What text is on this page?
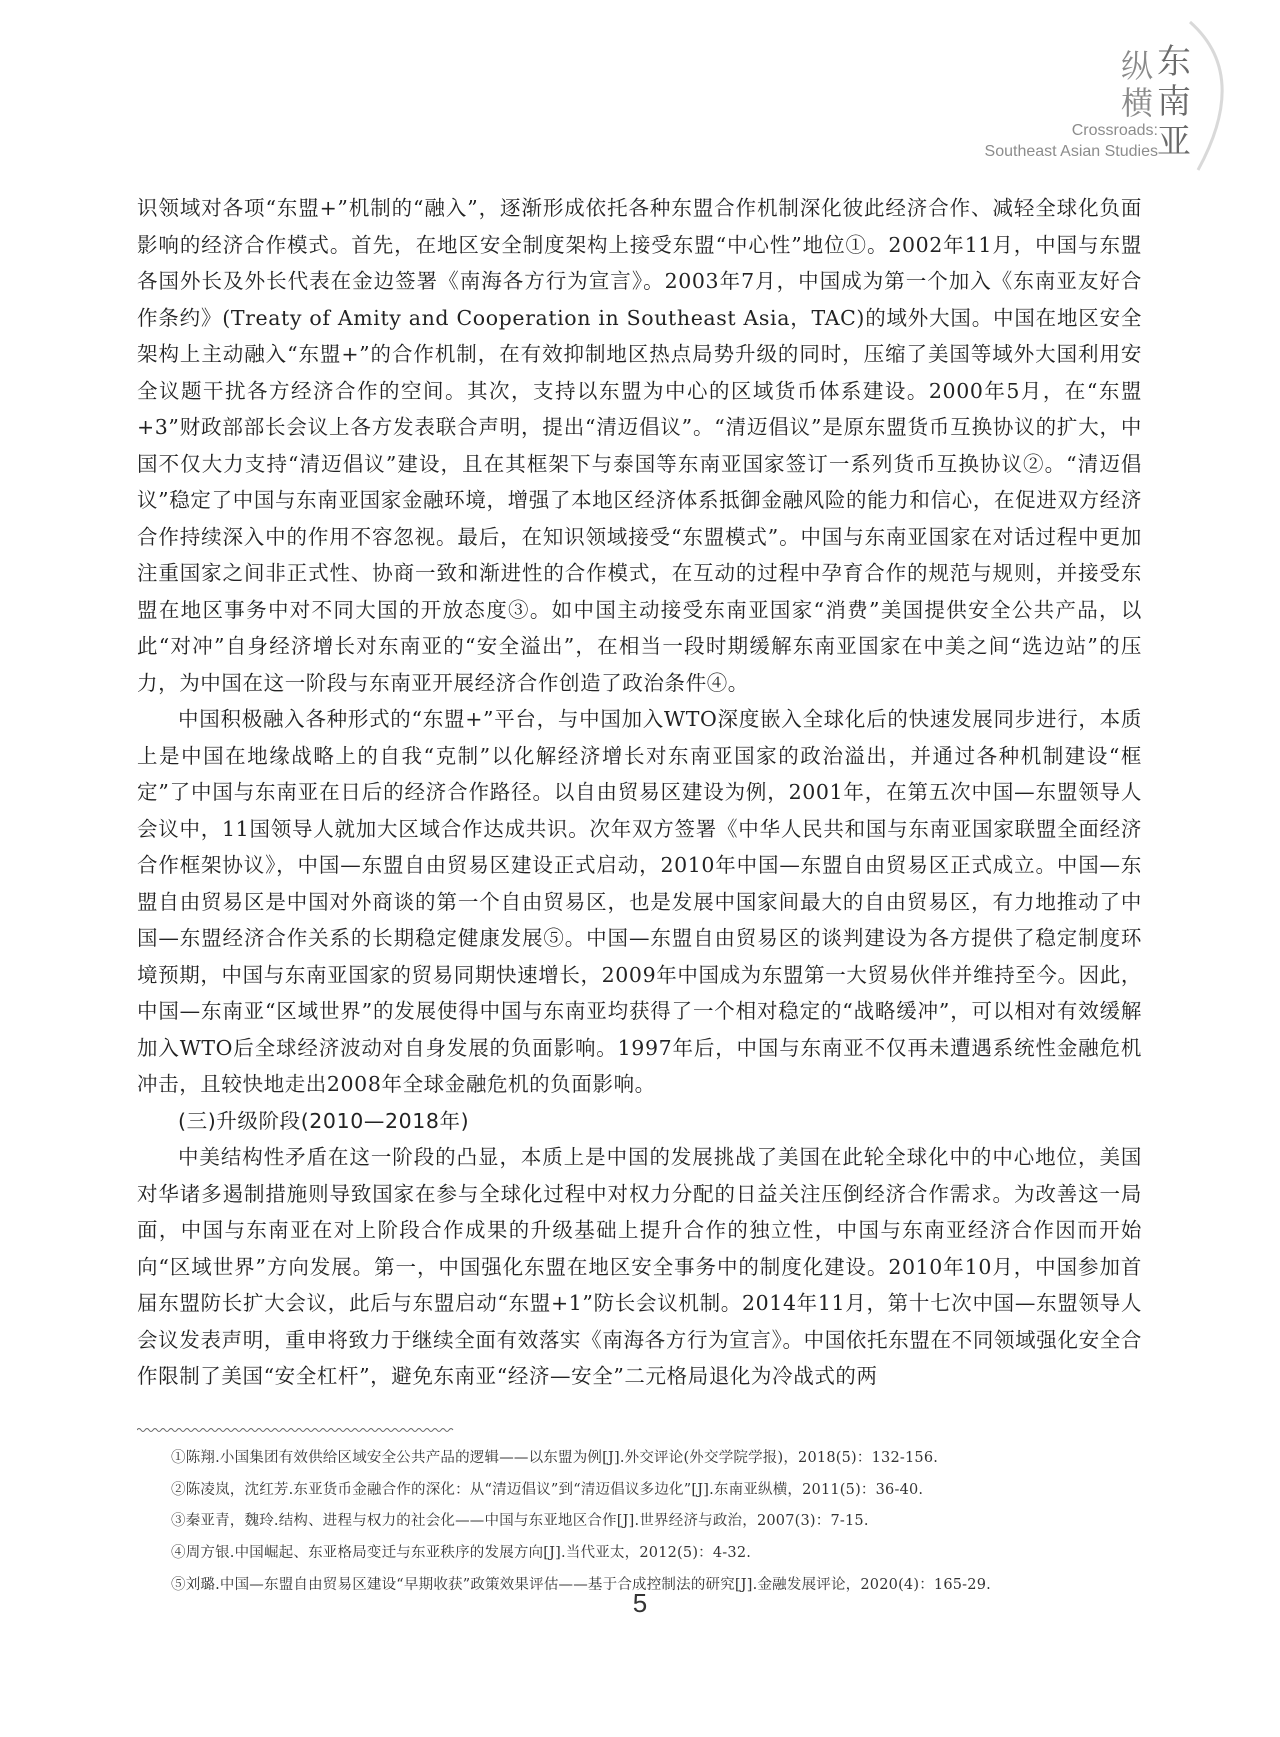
纵横
东南亚
Crossroads:
Southeast Asian Studies

识领域对各项“东盟+”机制的“融入”，逐渐形成依托各种东盟合作机制深化彼此经济合作、减轻全球化负面影响的经济合作模式。首先，在地区安全制度架构上接受东盟“中心性”地位①。2002年11月，中国与东盟各国外长及外长代表在金边签署《南海各方行为宣言》。2003年7月，中国成为第一个加入《东南亚友好合作条约》(Treaty of Amity and Cooperation in Southeast Asia，TAC)的域外大国。中国在地区安全架构上主动融入“东盟+”的合作机制，在有效抑制地区热点局势升级的同时，压缩了美国等域外大国利用安全议题干扰各方经济合作的空间。其次，支持以东盟为中心的区域货币体系建设。2000年5月，在“东盟+3”财政部部长会议上各方发表联合声明，提出“清迈倡议”。“清迈倡议”是原东盟货币互换协议的扩大，中国不仅大力支持“清迈倡议”建设，且在其框架下与泰国等东南亚国家签订一系列货币互换协议②。“清迈倡议”稳定了中国与东南亚国家金融环境，增强了本地区经济体系抵御金融风险的能力和信心，在促进双方经济合作持续深入中的作用不容忽视。最后，在知识领域接受“东盟模式”。中国与东南亚国家在对话过程中更加注重国家之间非正式性、协商一致和渐进性的合作模式，在互动的过程中孕育合作的规范与规则，并接受东盟在地区事务中对不同大国的开放态度③。如中国主动接受东南亚国家“消费”美国提供安全公共产品，以此“对冲”自身经济增长对东南亚的“安全溢出”，在相当一段时期缓解东南亚国家在中美之间“选边站”的压力，为中国在这一阶段与东南亚开展经济合作创造了政治条件④。

中国积极融入各种形式的“东盟+”平台，与中国加入WTO深度嵌入全球化后的快速发展同步进行，本质上是中国在地缘战略上的自我“克制”以化解经济增长对东南亚国家的政治溢出，并通过各种机制建设“框定”了中国与东南亚在日后的经济合作路径。以自由贸易区建设为例，2001年，在第五次中国—东盟领导人会议中，11国领导人就加大区域合作达成共识。次年双方签署《中华人民共和国与东南亚国家联盟全面经济合作框架协议》，中国—东盟自由贸易区建设正式启动，2010年中国—东盟自由贸易区正式成立。中国—东盟自由贸易区是中国对外商谈的第一个自由贸易区，也是发展中国家间最大的自由贸易区，有力地推动了中国—东盟经济合作关系的长期稳定健康发展⑤。中国—东盟自由贸易区的谈判建设为各方提供了稳定制度环境预期，中国与东南亚国家的贸易同期快速增长，2009年中国成为东盟第一大贸易伙伴并维持至今。因此，中国—东南亚“区域世界”的发展使得中国与东南亚均获得了一个相对稳定的“战略缓冲”，可以相对有效缓解加入WTO后全球经济波动对自身发展的负面影响。1997年后，中国与东南亚不仅再未遭遇系统性金融危机冲击，且较快地走出2008年全球金融危机的负面影响。

(三)升级阶段(2010—2018年)

中美结构性矛盾在这一阶段的凸显，本质上是中国的发展挑战了美国在此轮全球化中的中心地位，美国对华诸多遏制措施则导致国家在参与全球化过程中对权力分配的日益关注压倒经济合作需求。为改善这一局面，中国与东南亚在对上阶段合作成果的升级基础上提升合作的独立性，中国与东南亚经济合作因而开始向“区域世界”方向发展。第一，中国强化东盟在地区安全事务中的制度化建设。2010年10月，中国参加首届东盟防长扩大会议，此后与东盟启动“东盟+1”防长会议机制。2014年11月，第十七次中国—东盟领导人会议发表声明，重申将致力于继续全面有效落实《南海各方行为宣言》。中国依托东盟在不同领域强化安全合作限制了美国“安全杠杆”，避免东南亚“经济—安全”二元格局退化为冷战式的两

①陈翔.小国集团有效供给区域安全公共产品的逻辑——以东盟为例[J].外交评论(外交学院学报)，2018(5)：132-156.

②陈凌岚，沈红芳.东亚货币金融合作的深化：从“清迈倡议”到“清迈倡议多边化”[J].东南亚纵横，2011(5)：36-40.

③秦亚青，魏玲.结构、进程与权力的社会化——中国与东亚地区合作[J].世界经济与政治，2007(3)：7-15.

④周方银.中国崛起、东亚格局变迁与东亚秩序的发展方向[J].当代亚太，2012(5)：4-32.

⑤刘璐.中国—东盟自由贸易区建设“早期收获”政策效果评估——基于合成控制法的研究[J].金融发展评论，2020(4)：165-29.

5
